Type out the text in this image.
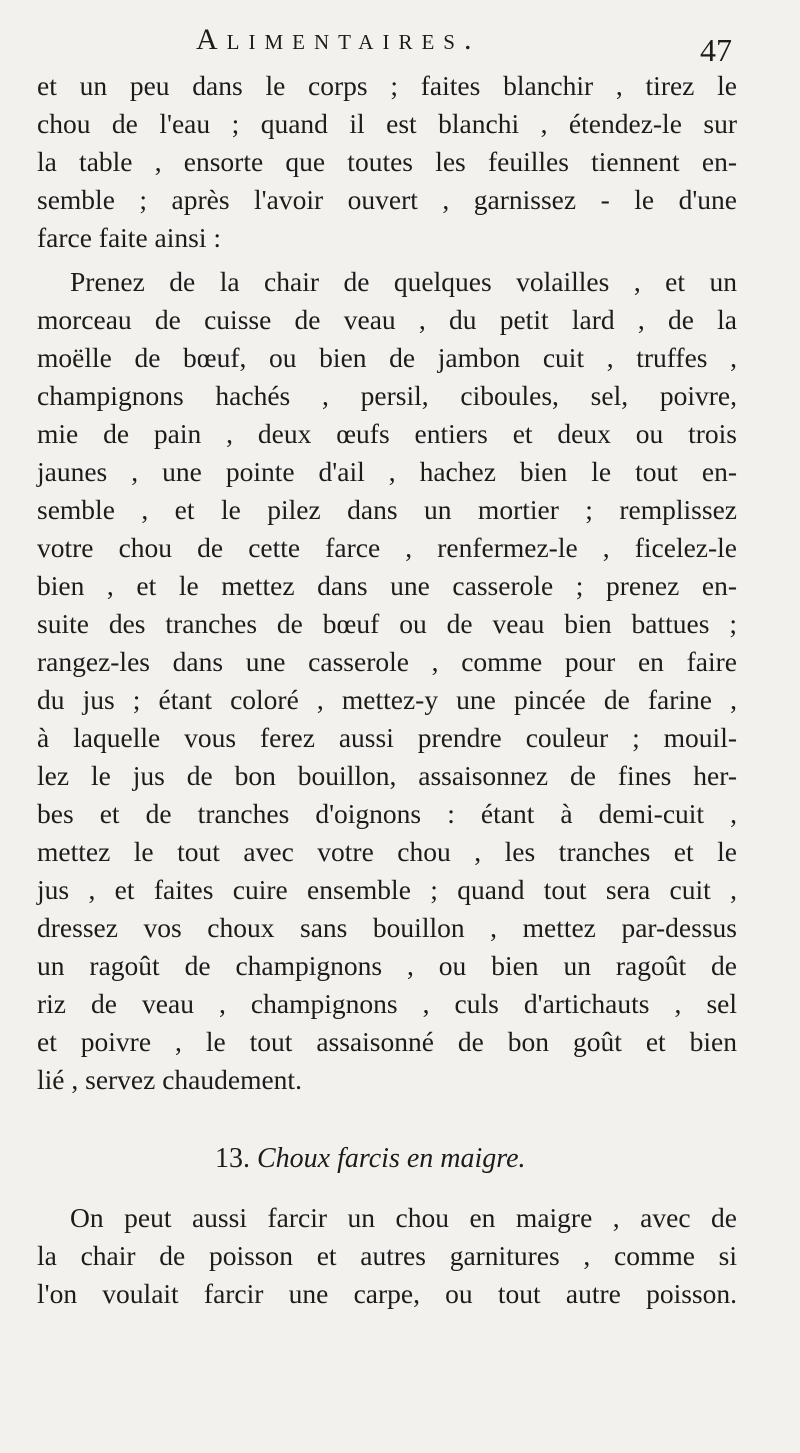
Alimentaires.	47
et un peu dans le corps ; faites blanchir , tirez le
chou de l'eau ; quand il est blanchi , étendez-le sur
la table , ensorte que toutes les feuilles tiennent en-
semble ; après l'avoir ouvert , garnissez - le d'une
farce faite ainsi :
Prenez de la chair de quelques volailles , et un
morceau de cuisse de veau , du petit lard , de la
moëlle de bœuf, ou bien de jambon cuit , truffes ,
champignons hachés , persil, ciboules, sel, poivre,
mie de pain , deux œufs entiers et deux ou trois
jaunes , une pointe d'ail , hachez bien le tout en-
semble , et le pilez dans un mortier ; remplissez
votre chou de cette farce , renfermez-le , ficelez-le
bien , et le mettez dans une casserole ; prenez en-
suite des tranches de bœuf ou de veau bien battues ;
rangez-les dans une casserole , comme pour en faire
du jus ; étant coloré , mettez-y une pincée de farine ,
à laquelle vous ferez aussi prendre couleur ; mouil-
lez le jus de bon bouillon, assaisonnez de fines her-
bes et de tranches d'oignons : étant à demi-cuit ,
mettez le tout avec votre chou , les tranches et le
jus , et faites cuire ensemble ; quand tout sera cuit ,
dressez vos choux sans bouillon , mettez par-dessus
un ragoût de champignons , ou bien un ragoût de
riz de veau , champignons , culs d'artichauts , sel
et poivre , le tout assaisonné de bon goût et bien
lié , servez chaudement.
13. Choux farcis en maigre.
On peut aussi farcir un chou en maigre , avec de
la chair de poisson et autres garnitures , comme si
l'on voulait farcir une carpe, ou tout autre poisson.
